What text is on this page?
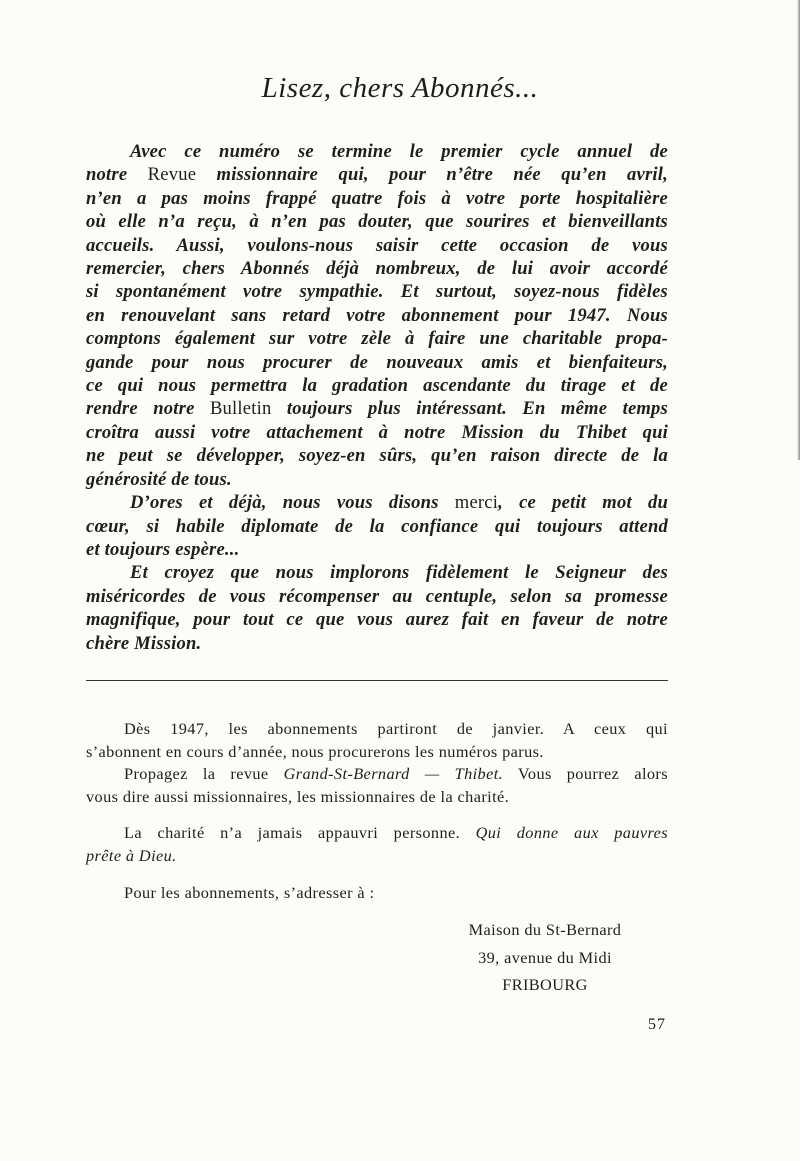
Lisez, chers Abonnés...
Avec ce numéro se termine le premier cycle annuel de
notre Revue missionnaire qui, pour n’être née qu’en avril,
n’en a pas moins frappé quatre fois à votre porte hospitalière
où elle n’a reçu, à n’en pas douter, que sourires et bienveillants
accueils. Aussi, voulons-nous saisir cette occasion de vous
remercier, chers Abonnés déjà nombreux, de lui avoir accordé
si spontanément votre sympathie. Et surtout, soyez-nous fidèles
en renouvelant sans retard votre abonnement pour 1947. Nous
comptons également sur votre zèle à faire une charitable propa-
gande pour nous procurer de nouveaux amis et bienfaiteurs,
ce qui nous permettra la gradation ascendante du tirage et de
rendre notre Bulletin toujours plus intéressant. En même temps
croîtra aussi votre attachement à notre Mission du Thibet qui
ne peut se développer, soyez-en sûrs, qu’en raison directe de la
générosité de tous.
D’ores et déjà, nous vous disons merci, ce petit mot du
cœur, si habile diplomate de la confiance qui toujours attend
et toujours espère...
Et croyez que nous implorons fidèlement le Seigneur des
miséricordes de vous récompenser au centuple, selon sa promesse
magnifique, pour tout ce que vous aurez fait en faveur de notre
chère Mission.
Dès 1947, les abonnements partiront de janvier. A ceux qui
s’abonnent en cours d’année, nous procurerons les numéros parus.
Propagez la revue Grand-St-Bernard — Thibet. Vous pourrez alors
vous dire aussi missionnaires, les missionnaires de la charité.
La charité n’a jamais appauvri personne. Qui donne aux pauvres
prête à Dieu.
Pour les abonnements, s’adresser à :
Maison du St-Bernard
39, avenue du Midi
FRIBOURG
57
